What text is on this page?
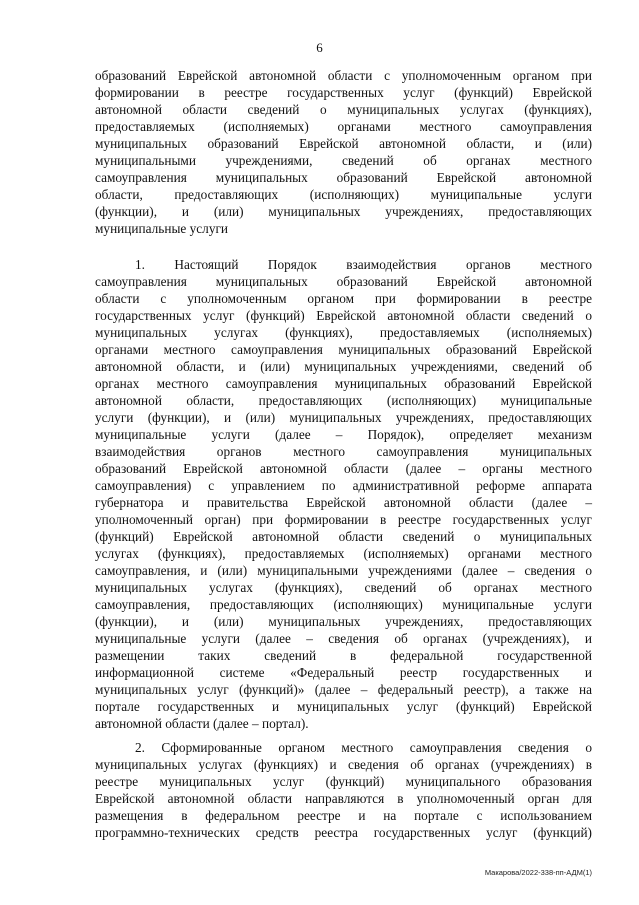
6
образований Еврейской автономной области с уполномоченным органом при
формировании в реестре государственных услуг (функций) Еврейской
автономной области сведений о муниципальных услугах (функциях),
предоставляемых (исполняемых) органами местного самоуправления
муниципальных образований Еврейской автономной области, и (или)
муниципальными учреждениями, сведений об органах местного
самоуправления муниципальных образований Еврейской автономной
области, предоставляющих (исполняющих) муниципальные услуги
(функции), и (или) муниципальных учреждениях, предоставляющих
муниципальные услуги
1. Настоящий Порядок взаимодействия органов местного
самоуправления муниципальных образований Еврейской автономной
области с уполномоченным органом при формировании в реестре
государственных услуг (функций) Еврейской автономной области сведений о
муниципальных услугах (функциях), предоставляемых (исполняемых)
органами местного самоуправления муниципальных образований Еврейской
автономной области, и (или) муниципальных учреждениями, сведений об
органах местного самоуправления муниципальных образований Еврейской
автономной области, предоставляющих (исполняющих) муниципальные
услуги (функции), и (или) муниципальных учреждениях, предоставляющих
муниципальные услуги (далее – Порядок), определяет механизм
взаимодействия органов местного самоуправления муниципальных
образований Еврейской автономной области (далее – органы местного
самоуправления) с управлением по административной реформе аппарата
губернатора и правительства Еврейской автономной области (далее –
уполномоченный орган) при формировании в реестре государственных услуг
(функций) Еврейской автономной области сведений о муниципальных
услугах (функциях), предоставляемых (исполняемых) органами местного
самоуправления, и (или) муниципальными учреждениями (далее – сведения о
муниципальных услугах (функциях), сведений об органах местного
самоуправления, предоставляющих (исполняющих) муниципальные услуги
(функции), и (или) муниципальных учреждениях, предоставляющих
муниципальные услуги (далее – сведения об органах (учреждениях), и
размещении таких сведений в федеральной государственной
информационной системе «Федеральный реестр государственных и
муниципальных услуг (функций)» (далее – федеральный реестр), а также на
портале государственных и муниципальных услуг (функций) Еврейской
автономной области (далее – портал).
2. Сформированные органом местного самоуправления сведения о
муниципальных услугах (функциях) и сведения об органах (учреждениях) в
реестре муниципальных услуг (функций) муниципального образования
Еврейской автономной области направляются в уполномоченный орган для
размещения в федеральном реестре и на портале с использованием
программно-технических средств реестра государственных услуг (функций)
Макарова/2022-338-пп-АДМ(1)
